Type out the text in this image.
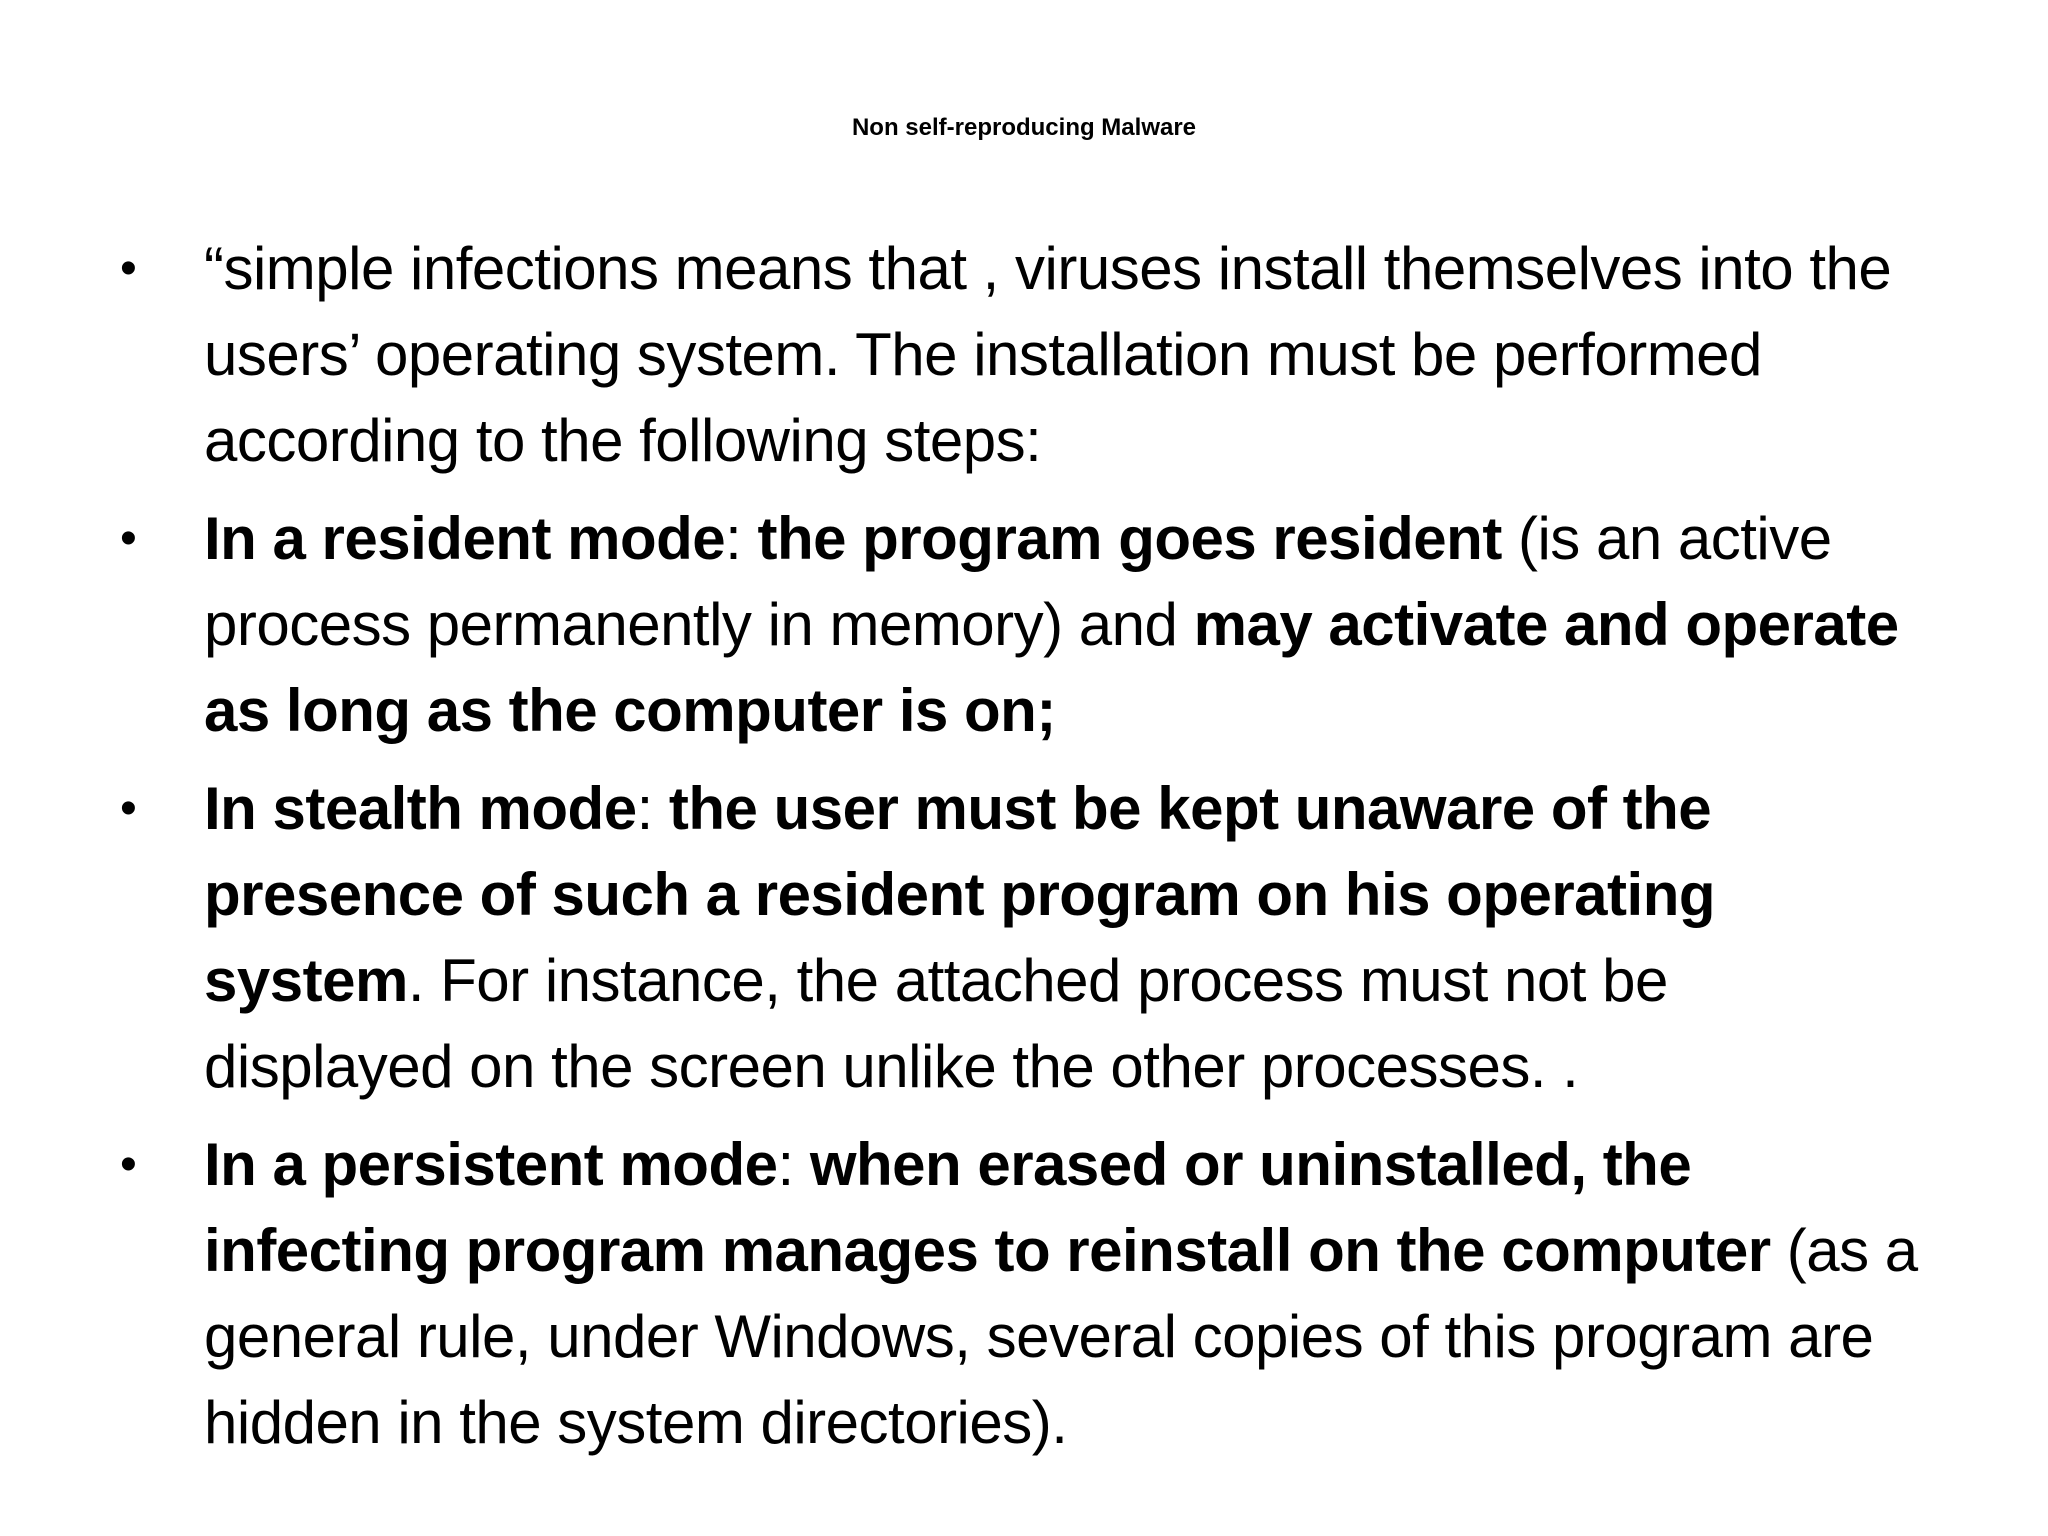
Non self-reproducing Malware
•	“simple infections means that , viruses install themselves into the users’ operating system. The installation must be performed according to the following steps:
•	In a resident mode: the program goes resident (is an active process permanently in memory) and may activate and operate as long as the computer is on;
•	In stealth mode: the user must be kept unaware of the presence of such a resident program on his operating system. For instance, the attached process must not be displayed on the screen unlike the other processes. .
•	In a persistent mode: when erased or uninstalled, the infecting program manages to reinstall on the computer (as a general rule, under Windows, several copies of this program are hidden in the system directories).
